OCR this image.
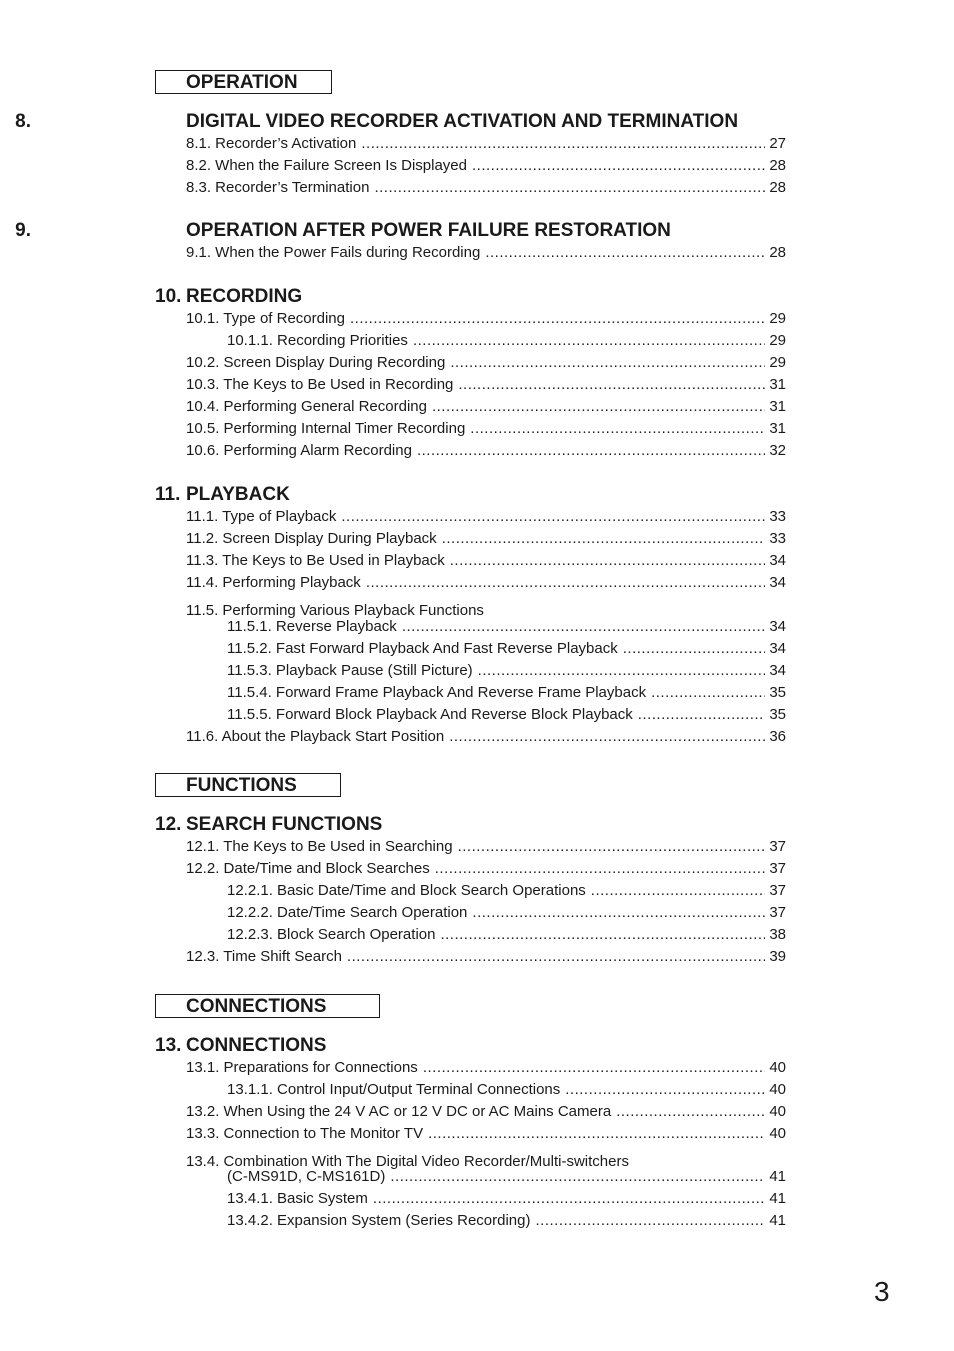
OPERATION
8.	DIGITAL VIDEO RECORDER ACTIVATION AND TERMINATION
8.1. Recorder’s Activation .....	27
8.2. When the Failure Screen Is Displayed .....	28
8.3. Recorder’s Termination .....	28
9.	OPERATION AFTER POWER FAILURE RESTORATION
9.1. When the Power Fails during Recording .....	28
10. RECORDING
10.1. Type of Recording .....	29
10.1.1. Recording Priorities .....	29
10.2. Screen Display During Recording .....	29
10.3. The Keys to Be Used in Recording .....	31
10.4. Performing General Recording .....	31
10.5. Performing Internal Timer Recording .....	31
10.6. Performing Alarm Recording .....	32
11. PLAYBACK
11.1. Type of Playback .....	33
11.2. Screen Display During Playback .....	33
11.3. The Keys to Be Used in Playback .....	34
11.4. Performing Playback .....	34
11.5. Performing Various Playback Functions
11.5.1. Reverse Playback .....	34
11.5.2. Fast Forward Playback And Fast Reverse Playback .....	34
11.5.3. Playback Pause (Still Picture) .....	34
11.5.4. Forward Frame Playback And Reverse Frame Playback .....	35
11.5.5. Forward Block Playback And Reverse Block Playback .....	35
11.6. About the Playback Start Position .....	36
FUNCTIONS
12. SEARCH FUNCTIONS
12.1. The Keys to Be Used in Searching .....	37
12.2. Date/Time and Block Searches .....	37
12.2.1. Basic Date/Time and Block Search Operations .....	37
12.2.2. Date/Time Search Operation .....	37
12.2.3. Block Search Operation .....	38
12.3. Time Shift Search .....	39
CONNECTIONS
13. CONNECTIONS
13.1. Preparations for Connections .....	40
13.1.1. Control Input/Output Terminal Connections .....	40
13.2. When Using the 24 V AC or 12 V DC or AC Mains Camera .....	40
13.3. Connection to The Monitor TV .....	40
13.4. Combination With The Digital Video Recorder/Multi-switchers
(C-MS91D, C-MS161D) .....	41
13.4.1. Basic System .....	41
13.4.2. Expansion System (Series Recording) .....	41
3
